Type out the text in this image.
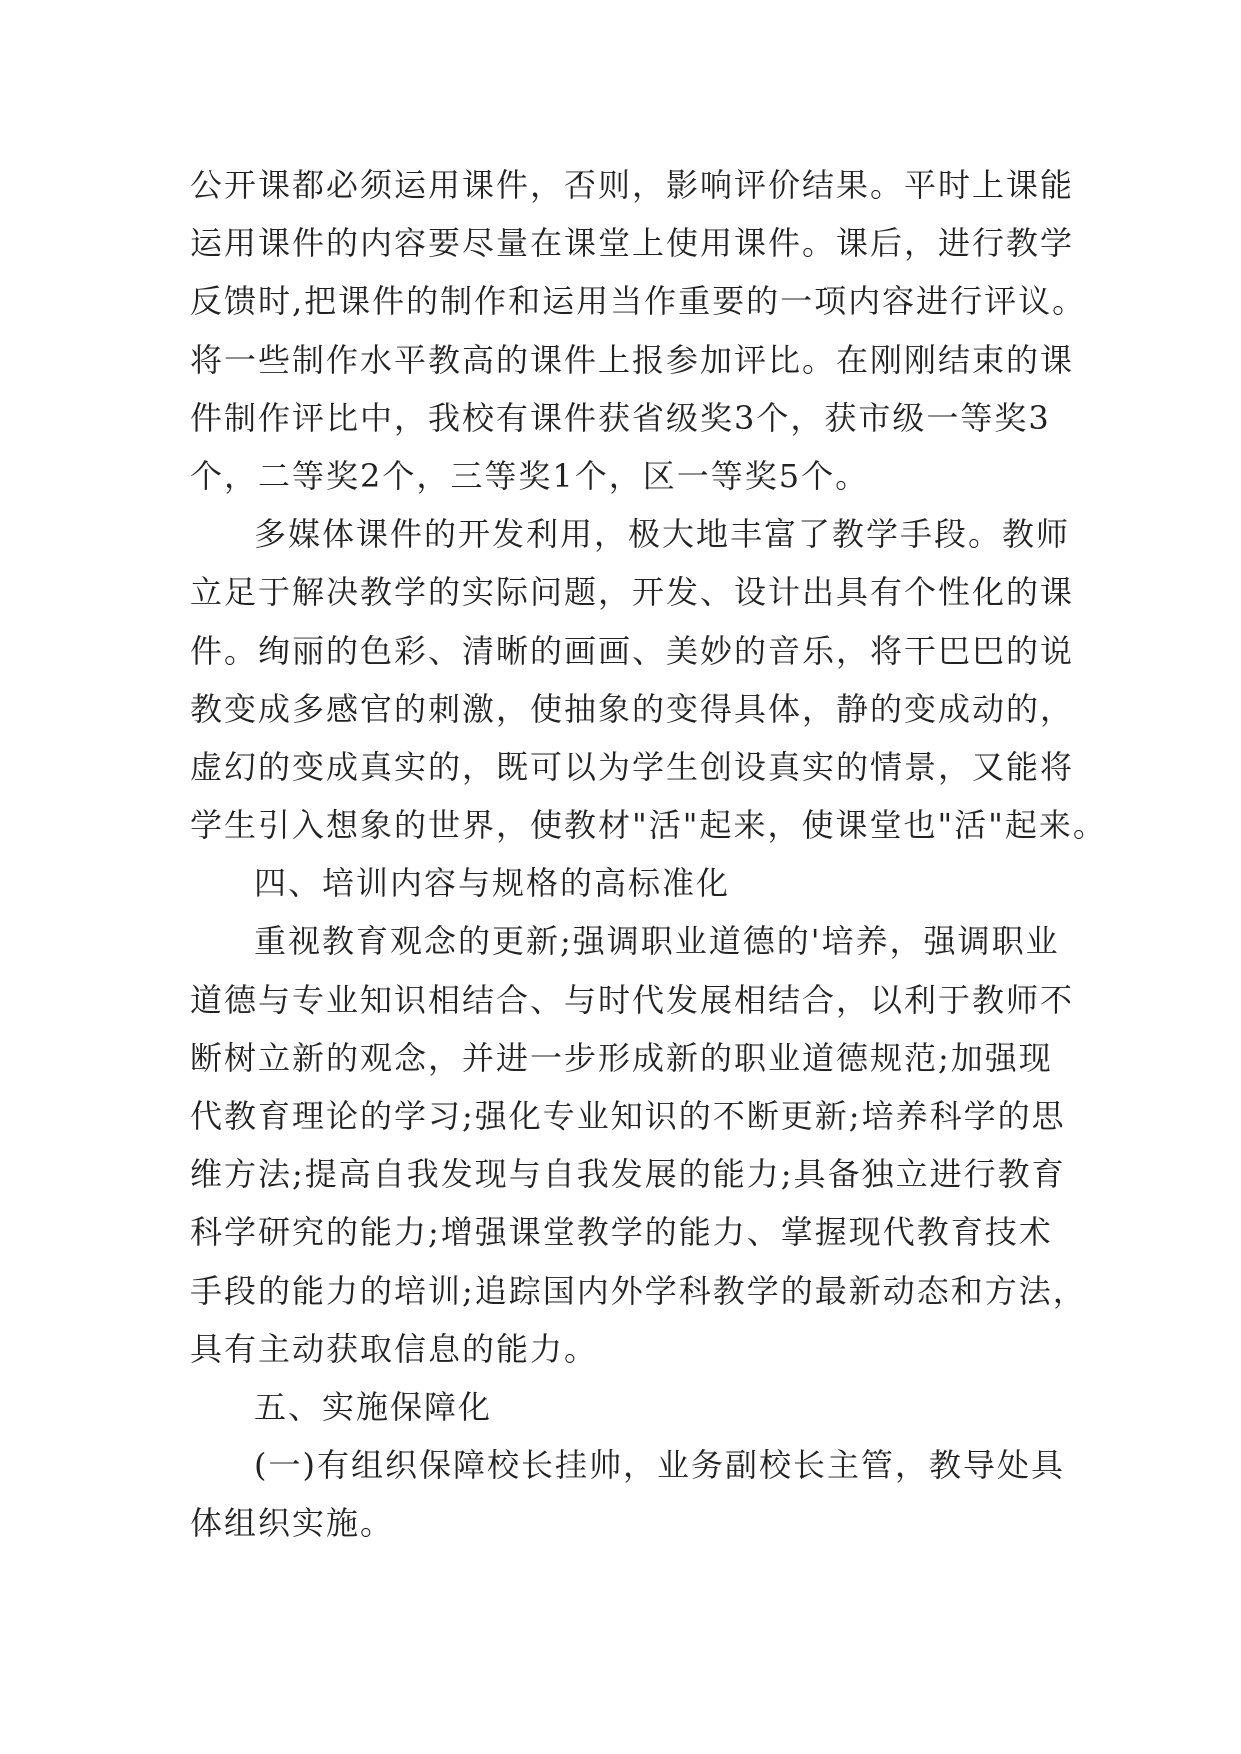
公开课都必须运用课件，否则，影响评价结果。平时上课能
运用课件的内容要尽量在课堂上使用课件。课后，进行教学
反馈时,把课件的制作和运用当作重要的一项内容进行评议。
将一些制作水平教高的课件上报参加评比。在刚刚结束的课
件制作评比中，我校有课件获省级奖3个，获市级一等奖3
个，二等奖2个，三等奖1个，区一等奖5个。
多媒体课件的开发利用，极大地丰富了教学手段。教师
立足于解决教学的实际问题，开发、设计出具有个性化的课
件。绚丽的色彩、清晰的画画、美妙的音乐，将干巴巴的说
教变成多感官的刺激，使抽象的变得具体，静的变成动的，
虚幻的变成真实的，既可以为学生创设真实的情景，又能将
学生引入想象的世界，使教材"活"起来，使课堂也"活"起来。
四、培训内容与规格的高标准化
重视教育观念的更新;强调职业道德的'培养，强调职业
道德与专业知识相结合、与时代发展相结合，以利于教师不
断树立新的观念，并进一步形成新的职业道德规范;加强现
代教育理论的学习;强化专业知识的不断更新;培养科学的思
维方法;提高自我发现与自我发展的能力;具备独立进行教育
科学研究的能力;增强课堂教学的能力、掌握现代教育技术
手段的能力的培训;追踪国内外学科教学的最新动态和方法，
具有主动获取信息的能力。
五、实施保障化
(一)有组织保障校长挂帅，业务副校长主管，教导处具
体组织实施。
